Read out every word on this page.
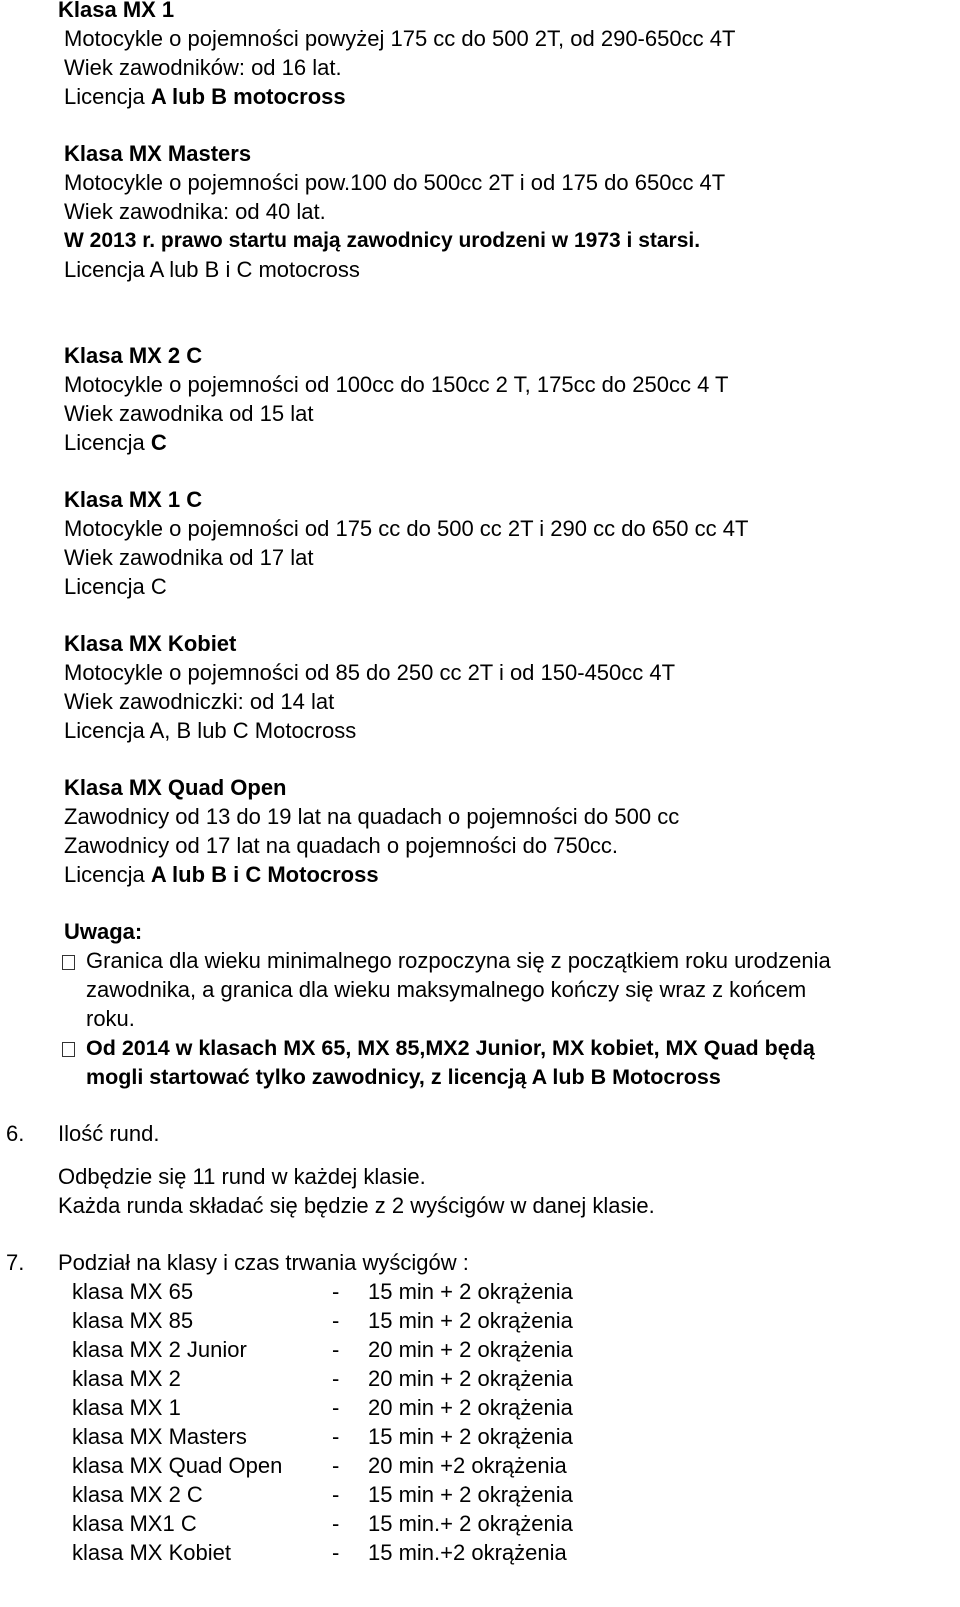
Klasa MX 1
Motocykle o pojemności powyżej 175 cc do 500 2T, od 290-650cc 4T
Wiek zawodników: od 16 lat.
Licencja A lub B motocross
Klasa MX Masters
Motocykle o pojemności pow.100 do 500cc 2T i od 175 do 650cc 4T
Wiek zawodnika: od 40 lat.
W 2013 r. prawo startu mają zawodnicy urodzeni w 1973 i starsi.
Licencja A lub B i C motocross
Klasa MX 2 C
Motocykle o pojemności od 100cc do 150cc 2 T, 175cc do 250cc 4 T
Wiek zawodnika od 15 lat
Licencja C
Klasa MX 1 C
Motocykle o pojemności od 175 cc do 500 cc 2T i 290 cc do 650 cc 4T
Wiek zawodnika od 17 lat
Licencja C
Klasa MX Kobiet
Motocykle o pojemności od 85 do 250 cc 2T i od 150-450cc 4T
Wiek zawodniczki: od 14 lat
Licencja A, B lub C Motocross
Klasa MX Quad Open
Zawodnicy od 13 do 19 lat na quadach o pojemności do 500 cc
Zawodnicy od 17 lat na quadach o pojemności do 750cc.
Licencja A lub B i C Motocross
Uwaga:
Granica dla wieku minimalnego rozpoczyna się z początkiem roku urodzenia
zawodnika, a granica dla wieku maksymalnego kończy się wraz z końcem
roku.
Od 2014 w klasach MX 65, MX 85,MX2 Junior, MX kobiet, MX Quad będą
mogli startować tylko zawodnicy, z licencją A lub B Motocross
6. Ilość rund.
Odbędzie się 11 rund w każdej klasie.
Każda runda składać się będzie z 2 wyścigów w danej klasie.
7. Podział na klasy i czas trwania wyścigów :
klasa MX 65	- 15 min + 2 okrążenia
klasa MX 85	- 15 min + 2 okrążenia
klasa MX 2 Junior	- 20 min + 2 okrążenia
klasa MX 2	- 20 min + 2 okrążenia
klasa MX 1	- 20 min + 2 okrążenia
klasa MX Masters	- 15 min + 2 okrążenia
klasa MX Quad Open - 20 min +2 okrążenia
klasa MX 2 C	- 15 min + 2 okrążenia
klasa MX1 C	- 15 min.+ 2 okrążenia
klasa MX Kobiet	- 15 min.+2 okrążenia
